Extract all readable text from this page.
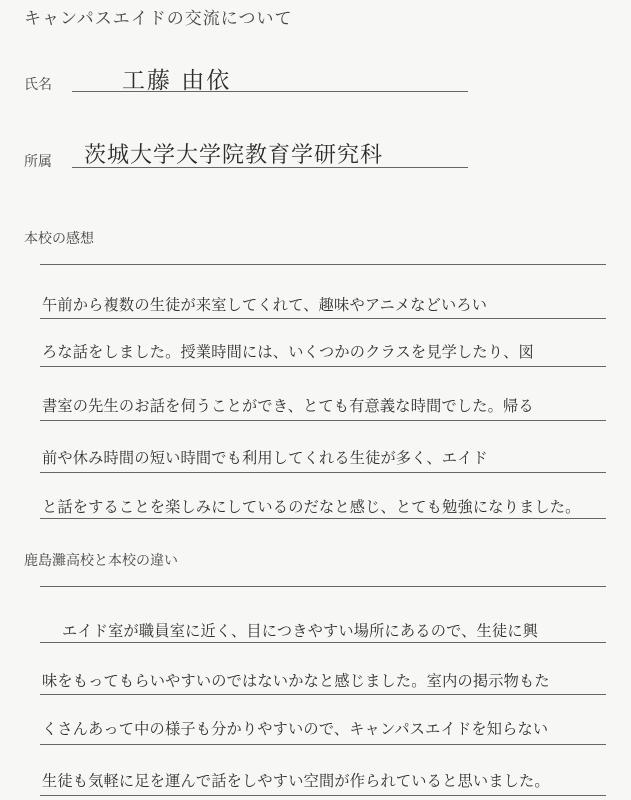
キャンパスエイドの交流について
氏名	工藤 由依
所属 茨城大学大学院教育学研究科
本校の感想
午前から複数の生徒が来室してくれて、趣味やアニメなどいろい
ろな話をしました。授業時間には、いくつかのクラスを見学したり、図
書室の先生のお話を伺うことができ、とても有意義な時間でした。帰る
前や休み時間の短い時間でも利用してくれる生徒が多く、エイド
と話をすることを楽しみにしているのだなと感じ、とても勉強になりました。
鹿島灘高校と本校の違い
エイド室が職員室に近く、目につきやすい場所にあるので、生徒に興
味をもってもらいやすいのではないかなと感じました。室内の掲示物もた
くさんあって中の様子も分かりやすいので、キャンパスエイドを知らない
生徒も気軽に足を運んで話をしやすい空間が作られていると思いました。
